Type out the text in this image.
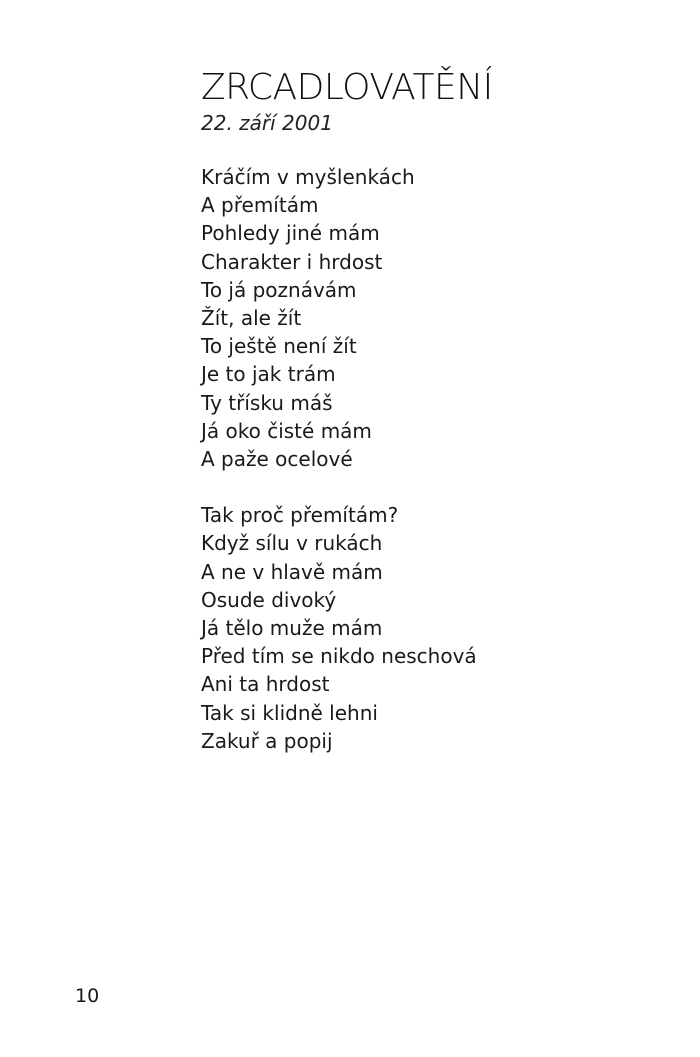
ZRCADLOVATĚNÍ

22. září 2001

Kráčím v myšlenkách
A přemítám
Pohledy jiné mám
Charakter i hrdost
To já poznávám
Žít, ale žít
To ještě není žít
Je to jak trám
Ty třísku máš
Já oko čisté mám
A paže ocelové
Tak proč přemítám?
Když sílu v rukách
A ne v hlavě mám
Osude divoký
Já tělo muže mám
Před tím se nikdo neschová
Ani ta hrdost
Tak si klidně lehni
Zakuř a popij
10
